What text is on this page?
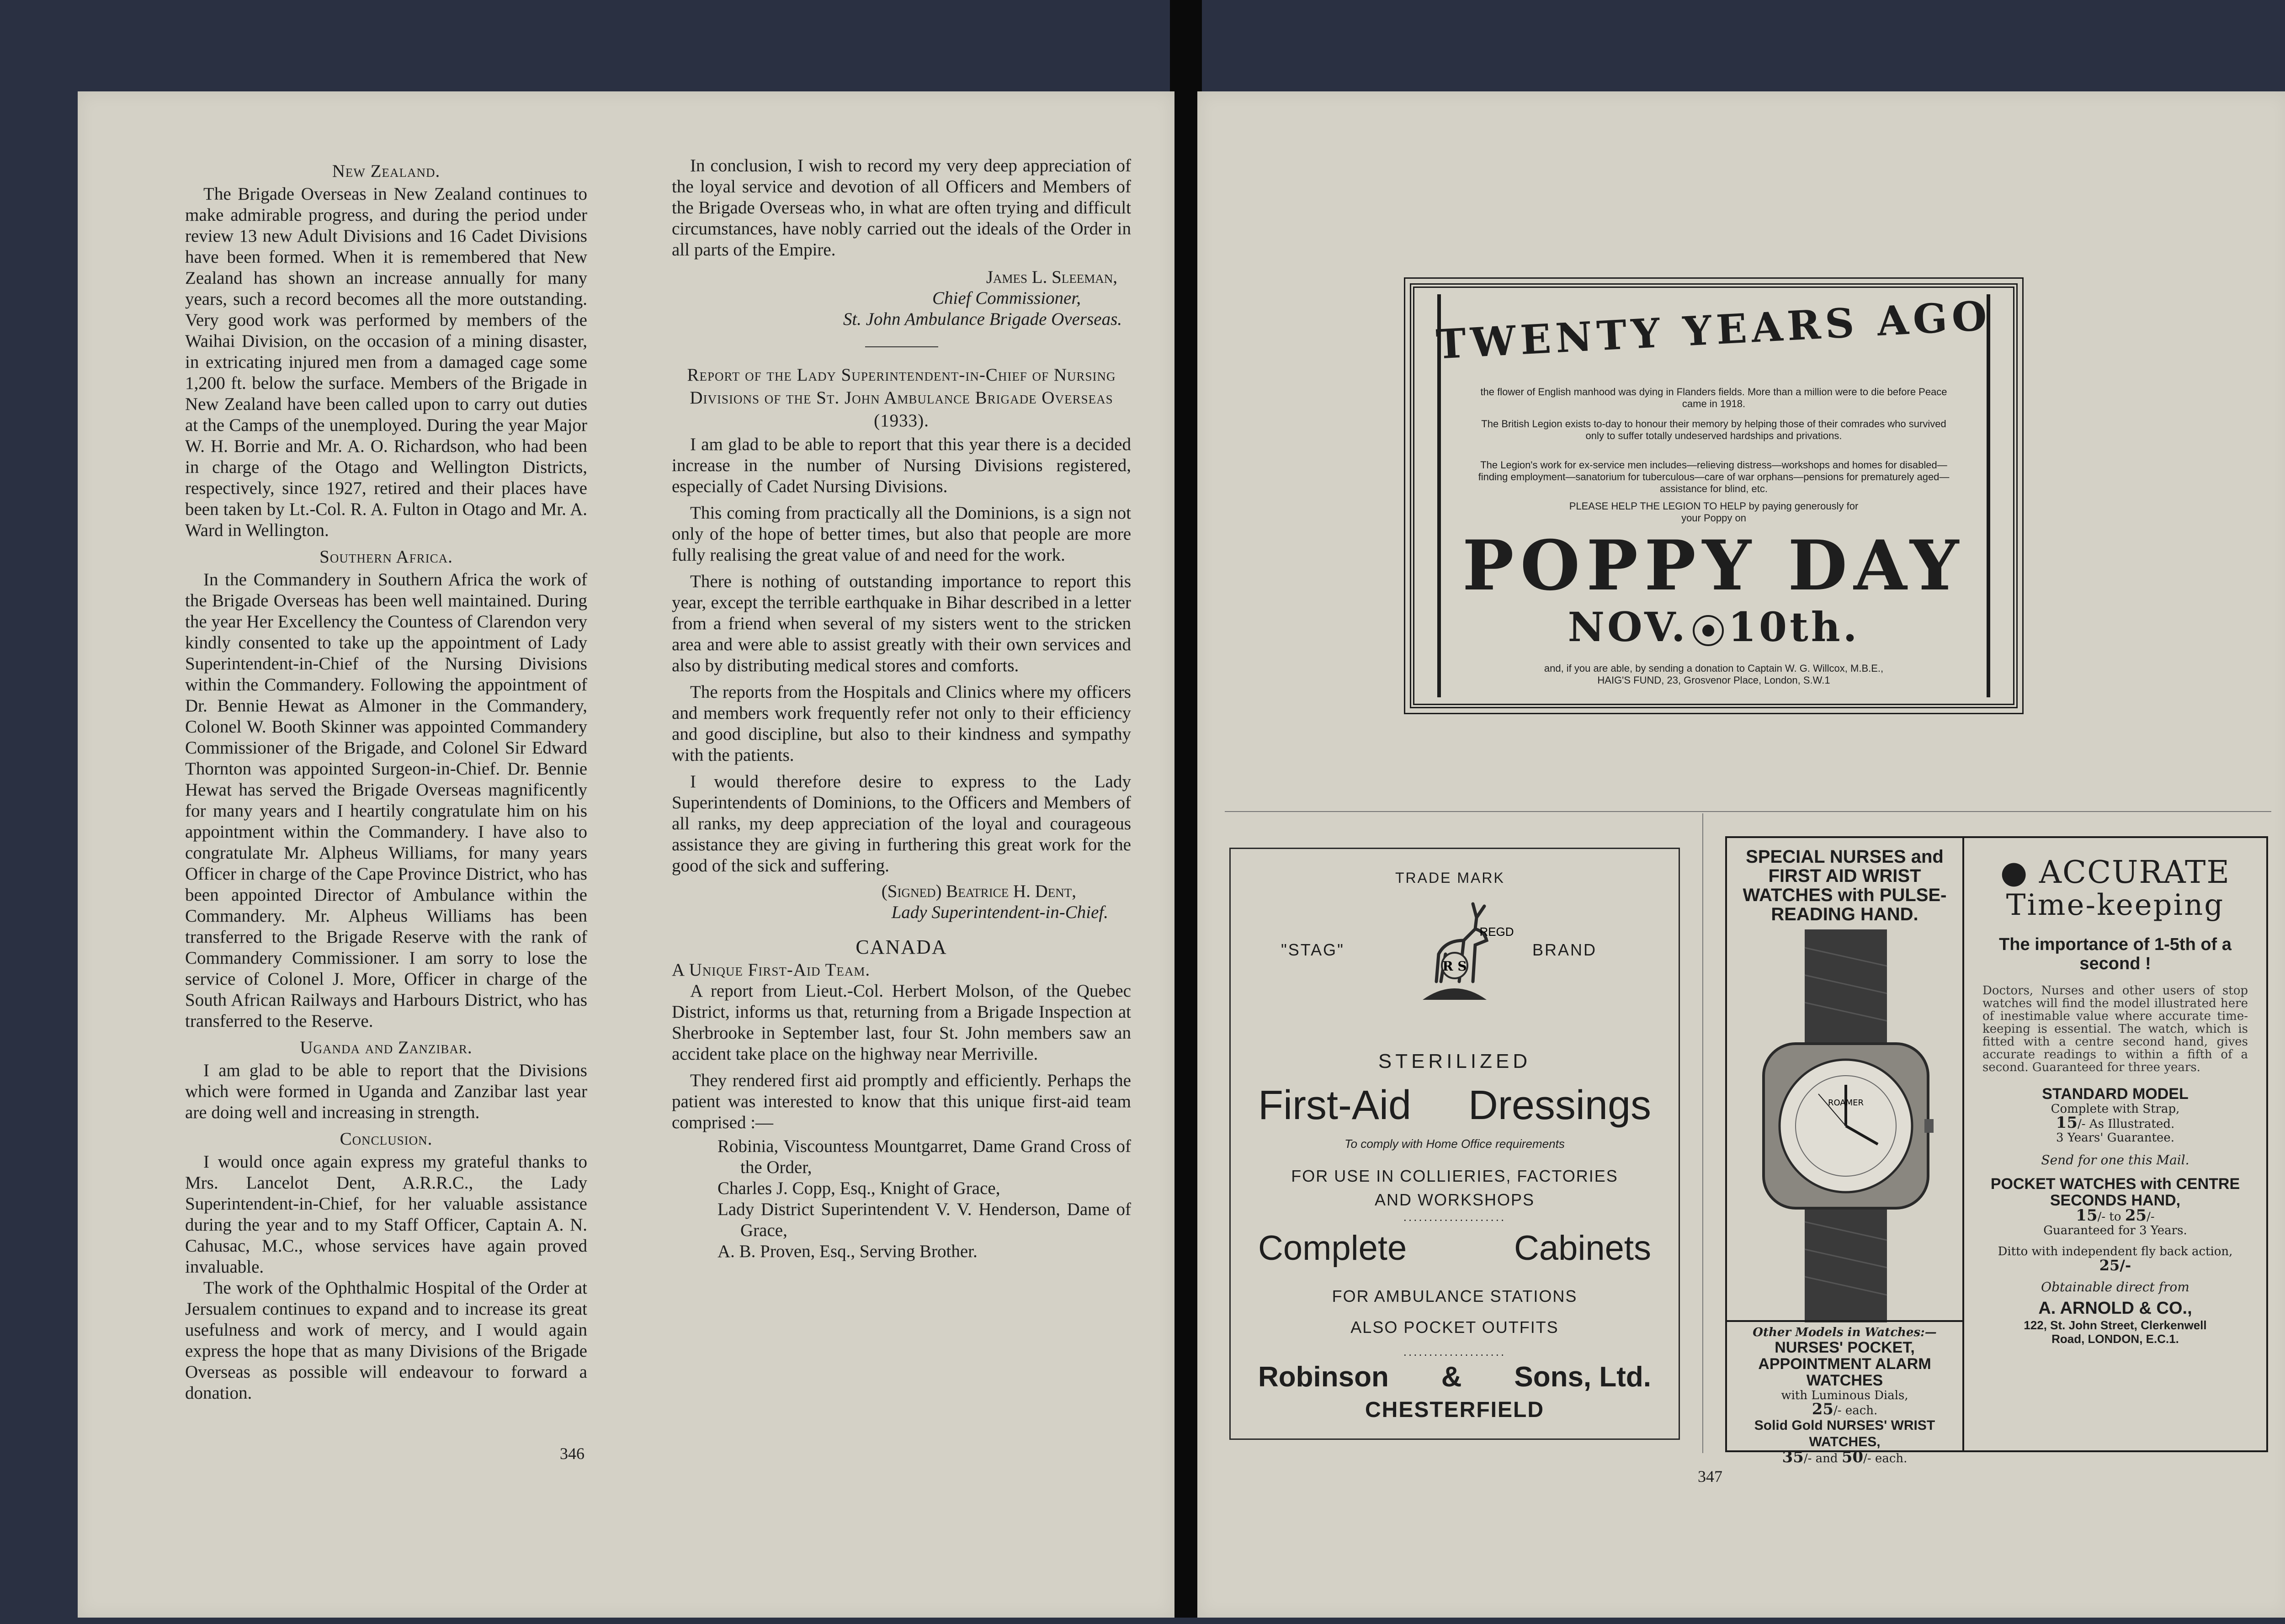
New Zealand.

The Brigade Overseas in New Zealand continues to make admirable progress, and during the period under review 13 new Adult Divisions and 16 Cadet Divisions have been formed. When it is remembered that New Zealand has shown an increase annually for many years, such a record becomes all the more outstanding. Very good work was performed by members of the Waihai Division, on the occasion of a mining disaster, in extricating injured men from a damaged cage some 1,200 ft. below the surface. Members of the Brigade in New Zealand have been called upon to carry out duties at the Camps of the unemployed. During the year Major W. H. Borrie and Mr. A. O. Richardson, who had been in charge of the Otago and Wellington Districts, respectively, since 1927, retired and their places have been taken by Lt.-Col. R. A. Fulton in Otago and Mr. A. Ward in Wellington.

Southern Africa.

In the Commandery in Southern Africa the work of the Brigade Overseas has been well maintained. During the year Her Excellency the Countess of Clarendon very kindly consented to take up the appointment of Lady Superintendent-in-Chief of the Nursing Divisions within the Commandery. Following the appointment of Dr. Bennie Hewat as Almoner in the Commandery, Colonel W. Booth Skinner was appointed Commandery Commissioner of the Brigade, and Colonel Sir Edward Thornton was appointed Surgeon-in-Chief. Dr. Bennie Hewat has served the Brigade Overseas magnificently for many years and I heartily congratulate him on his appointment within the Commandery. I have also to congratulate Mr. Alpheus Williams, for many years Officer in charge of the Cape Province District, who has been appointed Director of Ambulance within the Commandery. Mr. Alpheus Williams has been transferred to the Brigade Reserve with the rank of Commandery Commissioner. I am sorry to lose the service of Colonel J. More, Officer in charge of the South African Railways and Harbours District, who has transferred to the Reserve.

Uganda and Zanzibar.

I am glad to be able to report that the Divisions which were formed in Uganda and Zanzibar last year are doing well and increasing in strength.

Conclusion.

I would once again express my grateful thanks to Mrs. Lancelot Dent, A.R.R.C., the Lady Superintendent-in-Chief, for her valuable assistance during the year and to my Staff Officer, Captain A. N. Cahusac, M.C., whose services have again proved invaluable.

The work of the Ophthalmic Hospital of the Order at Jersualem continues to expand and to increase its great usefulness and work of mercy, and I would again express the hope that as many Divisions of the Brigade Overseas as possible will endeavour to forward a donation.

In conclusion, I wish to record my very deep appreciation of the loyal service and devotion of all Officers and Members of the Brigade Overseas who, in what are often trying and difficult circumstances, have nobly carried out the ideals of the Order in all parts of the Empire.

James L. Sleeman,

Chief Commissioner,

St. John Ambulance Brigade Overseas.

Report of the Lady Superintendent-in-Chief of Nursing Divisions of the St. John Ambulance Brigade Overseas (1933).

I am glad to be able to report that this year there is a decided increase in the number of Nursing Divisions registered, especially of Cadet Nursing Divisions.

This coming from practically all the Dominions, is a sign not only of the hope of better times, but also that people are more fully realising the great value of and need for the work.

There is nothing of outstanding importance to report this year, except the terrible earthquake in Bihar described in a letter from a friend when several of my sisters went to the stricken area and were able to assist greatly with their own services and also by distributing medical stores and comforts.

The reports from the Hospitals and Clinics where my officers and members work frequently refer not only to their efficiency and good discipline, but also to their kindness and sympathy with the patients.

I would therefore desire to express to the Lady Superintendents of Dominions, to the Officers and Members of all ranks, my deep appreciation of the loyal and courageous assistance they are giving in furthering this great work for the good of the sick and suffering.

(Signed) Beatrice H. Dent,

Lady Superintendent-in-Chief.

CANADA
A Unique First-Aid Team.

A report from Lieut.-Col. Herbert Molson, of the Quebec District, informs us that, returning from a Brigade Inspection at Sherbrooke in September last, four St. John members saw an accident take place on the highway near Merriville.

They rendered first aid promptly and efficiently. Perhaps the patient was interested to know that this unique first-aid team comprised :—

Robinia, Viscountess Mountgarret, Dame Grand Cross of the Order,
Charles J. Copp, Esq., Knight of Grace,
Lady District Superintendent V. V. Henderson, Dame of Grace,
A. B. Proven, Esq., Serving Brother.
346
TWENTY YEARS AGO
the flower of English manhood was dying in Flanders fields. More than a million were to die before Peace came in 1918.
The British Legion exists to-day to honour their memory by helping those of their comrades who survived only to suffer totally undeserved hardships and privations.
The Legion's work for ex-service men includes—relieving distress—workshops and homes for disabled—finding employment—sanatorium for tuberculous—care of war orphans—pensions for prematurely aged—assistance for blind, etc.
PLEASE HELP THE LEGION TO HELP by paying generously for your Poppy on
POPPY DAY
NOV. 10th.
and, if you are able, by sending a donation to Captain W. G. Willcox, M.B.E., HAIG'S FUND, 23, Grosvenor Place, London, S.W.1
TRADE MARK
R S
REGD
"STAG"	BRAND
STERILIZED
First-Aid Dressings
To comply with Home Office requirements
FOR USE IN COLLIERIES, FACTORIES
AND WORKSHOPS
....................
Complete	Cabinets
FOR AMBULANCE STATIONS
ALSO POCKET OUTFITS
....................
Robinson & Sons, Ltd.
CHESTERFIELD
SPECIAL NURSES and FIRST AID WRIST WATCHES with PULSE-READING HAND.
ROAMER
Other Models in Watches:—
NURSES' POCKET, APPOINTMENT ALARM WATCHES
with Luminous Dials,
25/- each.
Solid Gold NURSES' WRIST WATCHES,
35/- and 50/- each.
● ACCURATE
Time-keeping
The importance of 1-5th of a second !
Doctors, Nurses and other users of stop watches will find the model illustrated here of inestimable value where accurate time-keeping is essential. The watch, which is fitted with a centre second hand, gives accurate readings to within a fifth of a second. Guaranteed for three years.
STANDARD MODEL
Complete with Strap,
15/- As Illustrated.
3 Years' Guarantee.
Send for one this Mail.
POCKET WATCHES with CENTRE SECONDS HAND,
15/- to 25/-
Guaranteed for 3 Years.
Ditto with independent fly back action, 25/-
Obtainable direct from
A. ARNOLD & CO.,
122, St. John Street, Clerkenwell Road, LONDON, E.C.1.
347
